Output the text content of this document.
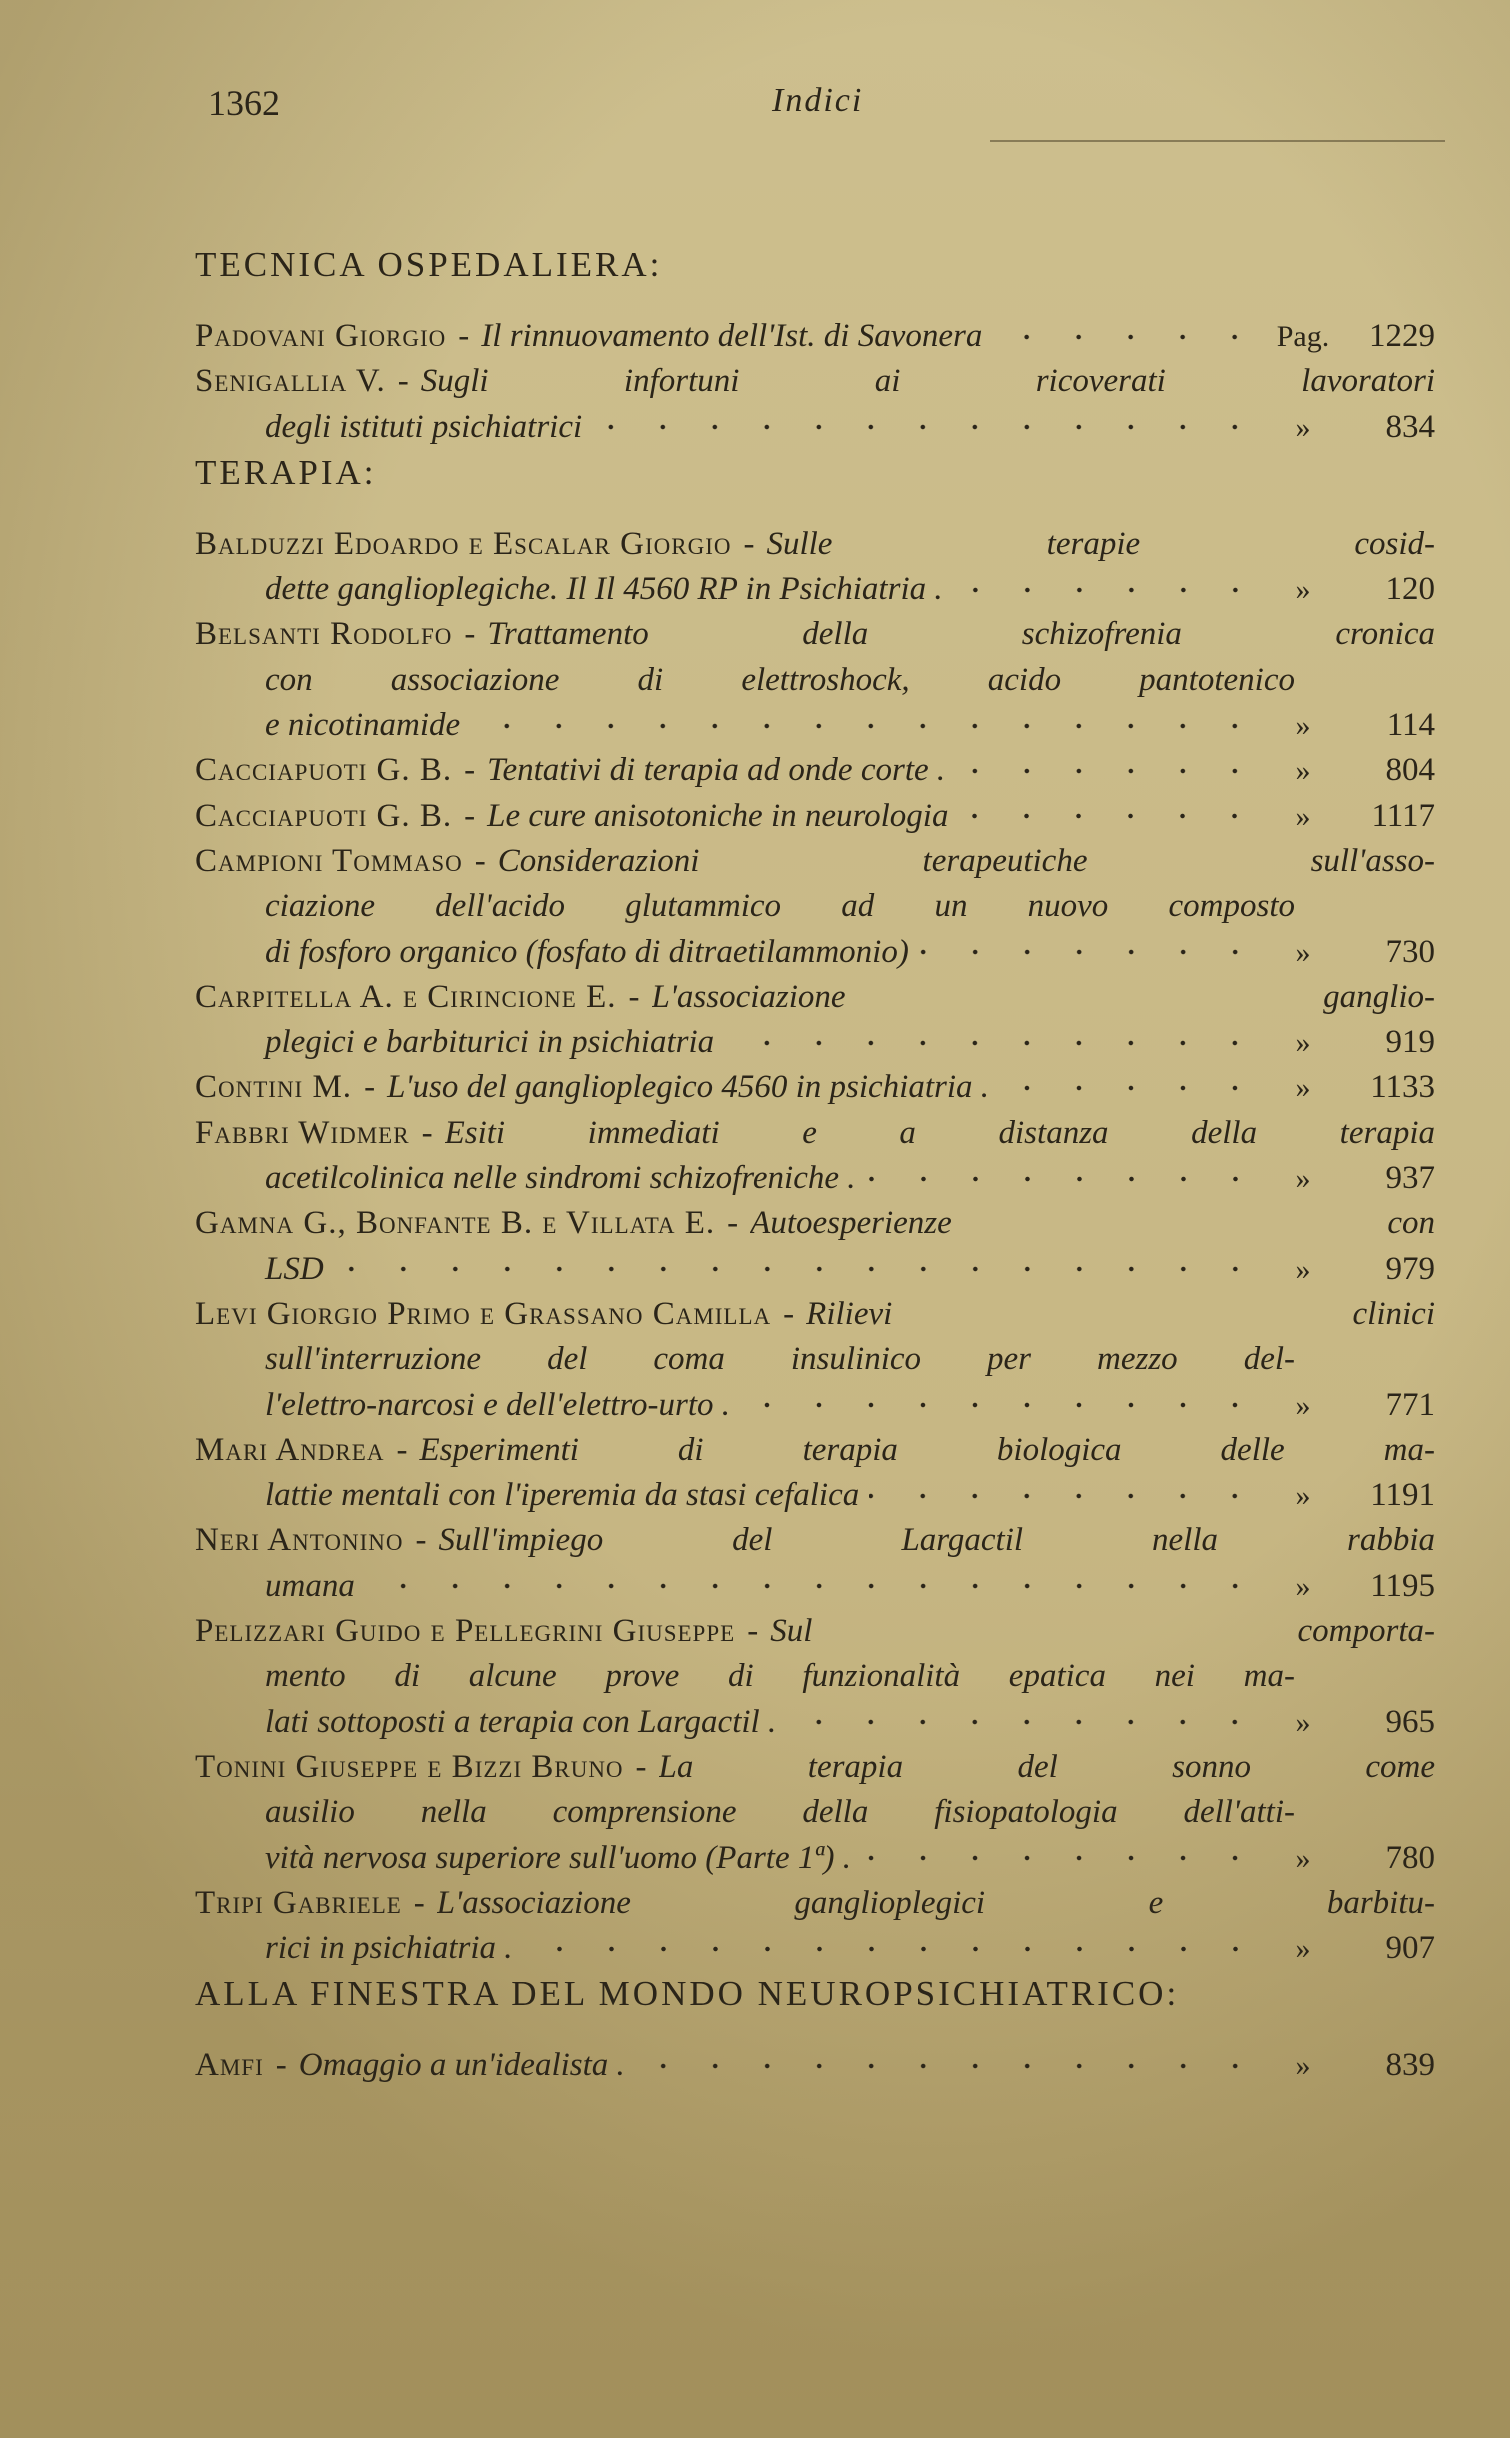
1362	Indici
TECNICA OSPEDALIERA:
Padovani Giorgio - Il rinnuovamento dell'Ist. di Savonera	Pag.	1229
Senigallia V. - Sugli infortuni ai ricoverati lavoratori
degli istituti psichiatrici	»	834
TERAPIA:
Balduzzi Edoardo e Escalar Giorgio - Sulle terapie cosid-
dette ganglioplegiche. Il Il 4560 RP in Psichiatria .	»	120
Belsanti Rodolfo - Trattamento della schizofrenia cronica
con associazione di elettroshock, acido pantotenico
e nicotinamide	»	114
Cacciapuoti G. B. - Tentativi di terapia ad onde corte .	»	804
Cacciapuoti G. B. - Le cure anisotoniche in neurologia	»	1117
Campioni Tommaso - Considerazioni terapeutiche sull'asso-
ciazione dell'acido glutammico ad un nuovo composto
di fosforo organico (fosfato di ditraetilammonio)	»	730
Carpitella A. e Cirincione E. - L'associazione ganglio-
plegici e barbiturici in psichiatria	»	919
Contini M. - L'uso del ganglioplegico 4560 in psichiatria .	»	1133
Fabbri Widmer - Esiti immediati e a distanza della terapia
acetilcolinica nelle sindromi schizofreniche .	»	937
Gamna G., Bonfante B. e Villata E. - Autoesperienze con
LSD	»	979
Levi Giorgio Primo e Grassano Camilla - Rilievi clinici
sull'interruzione del coma insulinico per mezzo del-
l'elettro-narcosi e dell'elettro-urto .	»	771
Mari Andrea - Esperimenti di terapia biologica delle ma-
lattie mentali con l'iperemia da stasi cefalica	»	1191
Neri Antonino - Sull'impiego del Largactil nella rabbia
umana	»	1195
Pelizzari Guido e Pellegrini Giuseppe - Sul comporta-
mento di alcune prove di funzionalità epatica nei ma-
lati sottoposti a terapia con Largactil .	»	965
Tonini Giuseppe e Bizzi Bruno - La terapia del sonno come
ausilio nella comprensione della fisiopatologia dell'atti-
vità nervosa superiore sull'uomo (Parte 1ª) .	»	780
Tripi Gabriele - L'associazione ganglioplegici e barbitu-
rici in psichiatria .	»	907
ALLA FINESTRA DEL MONDO NEUROPSICHIATRICO:
Amfi - Omaggio a un'idealista .	»	839
